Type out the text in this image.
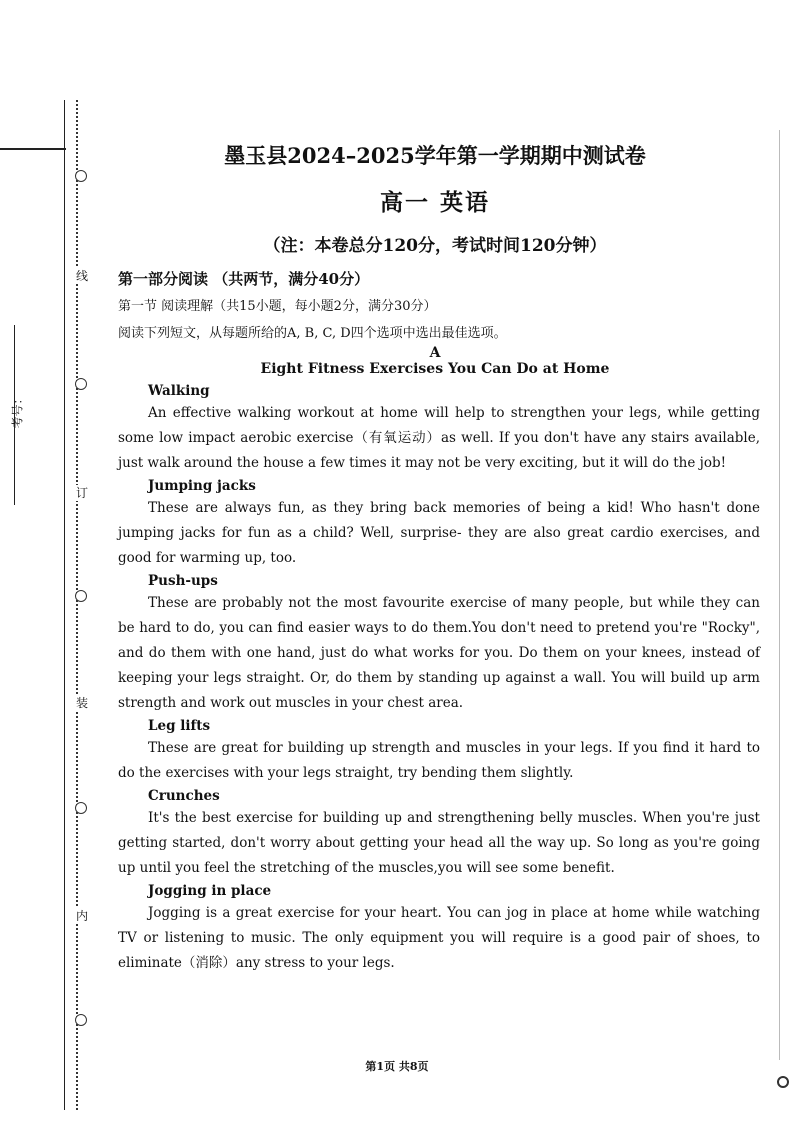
线
订
装
内
考号：
墨玉县2024–2025学年第一学期期中测试卷
高一 英语
（注：本卷总分120分，考试时间120分钟）
第一部分阅读 （共两节，满分40分）
第一节 阅读理解（共15小题，每小题2分，满分30分）
阅读下列短文，从每题所给的A, B, C, D四个选项中选出最佳选项。
A
Eight Fitness Exercises You Can Do at Home
Walking

An effective walking workout at home will help to strengthen your legs, while getting some low impact aerobic exercise（有氧运动）as well. If you don't have any stairs available, just walk around the house a few times it may not be very exciting, but it will do the job!

Jumping jacks

These are always fun, as they bring back memories of being a kid! Who hasn't done jumping jacks for fun as a child? Well, surprise- they are also great cardio exercises, and good for warming up, too.

Push-ups

These are probably not the most favourite exercise of many people, but while they can be hard to do, you can find easier ways to do them.You don't need to pretend you're "Rocky", and do them with one hand, just do what works for you. Do them on your knees, instead of keeping your legs straight. Or, do them by standing up against a wall. You will build up arm strength and work out muscles in your chest area.

Leg lifts

These are great for building up strength and muscles in your legs. If you find it hard to do the exercises with your legs straight, try bending them slightly.

Crunches

It's the best exercise for building up and strengthening belly muscles. When you're just getting started, don't worry about getting your head all the way up. So long as you're going up until you feel the stretching of the muscles,you will see some benefit.

Jogging in place

Jogging is a great exercise for your heart. You can jog in place at home while watching TV or listening to music. The only equipment you will require is a good pair of shoes, to eliminate（消除）any stress to your legs.

第1页 共8页
